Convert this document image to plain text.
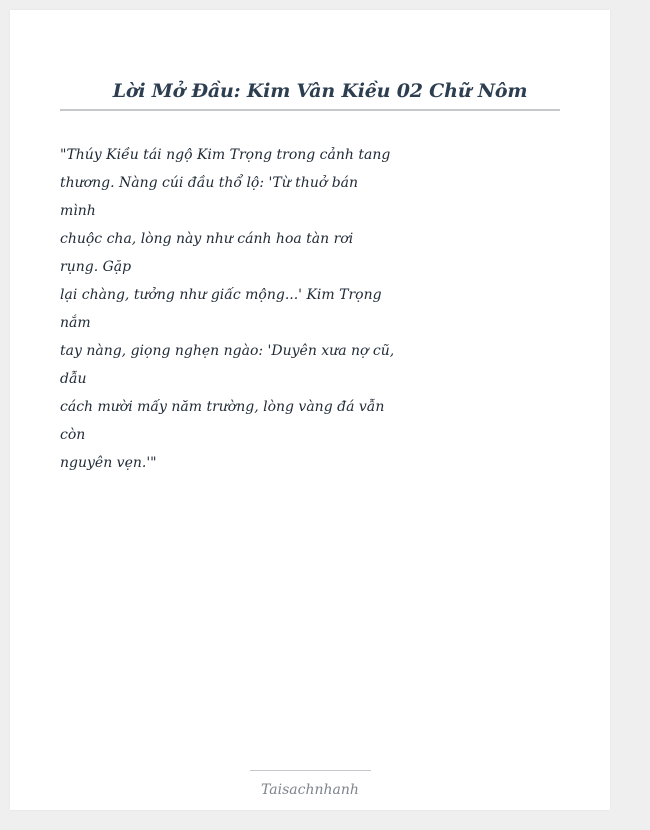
Lời Mở Đầu: Kim Vân Kiều 02 Chữ Nôm
"Thúy Kiều tái ngộ Kim Trọng trong cảnh tang
thương. Nàng cúi đầu thổ lộ: 'Từ thuở bán
mình
chuộc cha, lòng này như cánh hoa tàn rơi
rụng. Gặp
lại chàng, tưởng như giấc mộng...' Kim Trọng
nắm
tay nàng, giọng nghẹn ngào: 'Duyên xưa nợ cũ,
dẫu
cách mười mấy năm trường, lòng vàng đá vẫn
còn
nguyên vẹn.'"
Taisachnhanh
